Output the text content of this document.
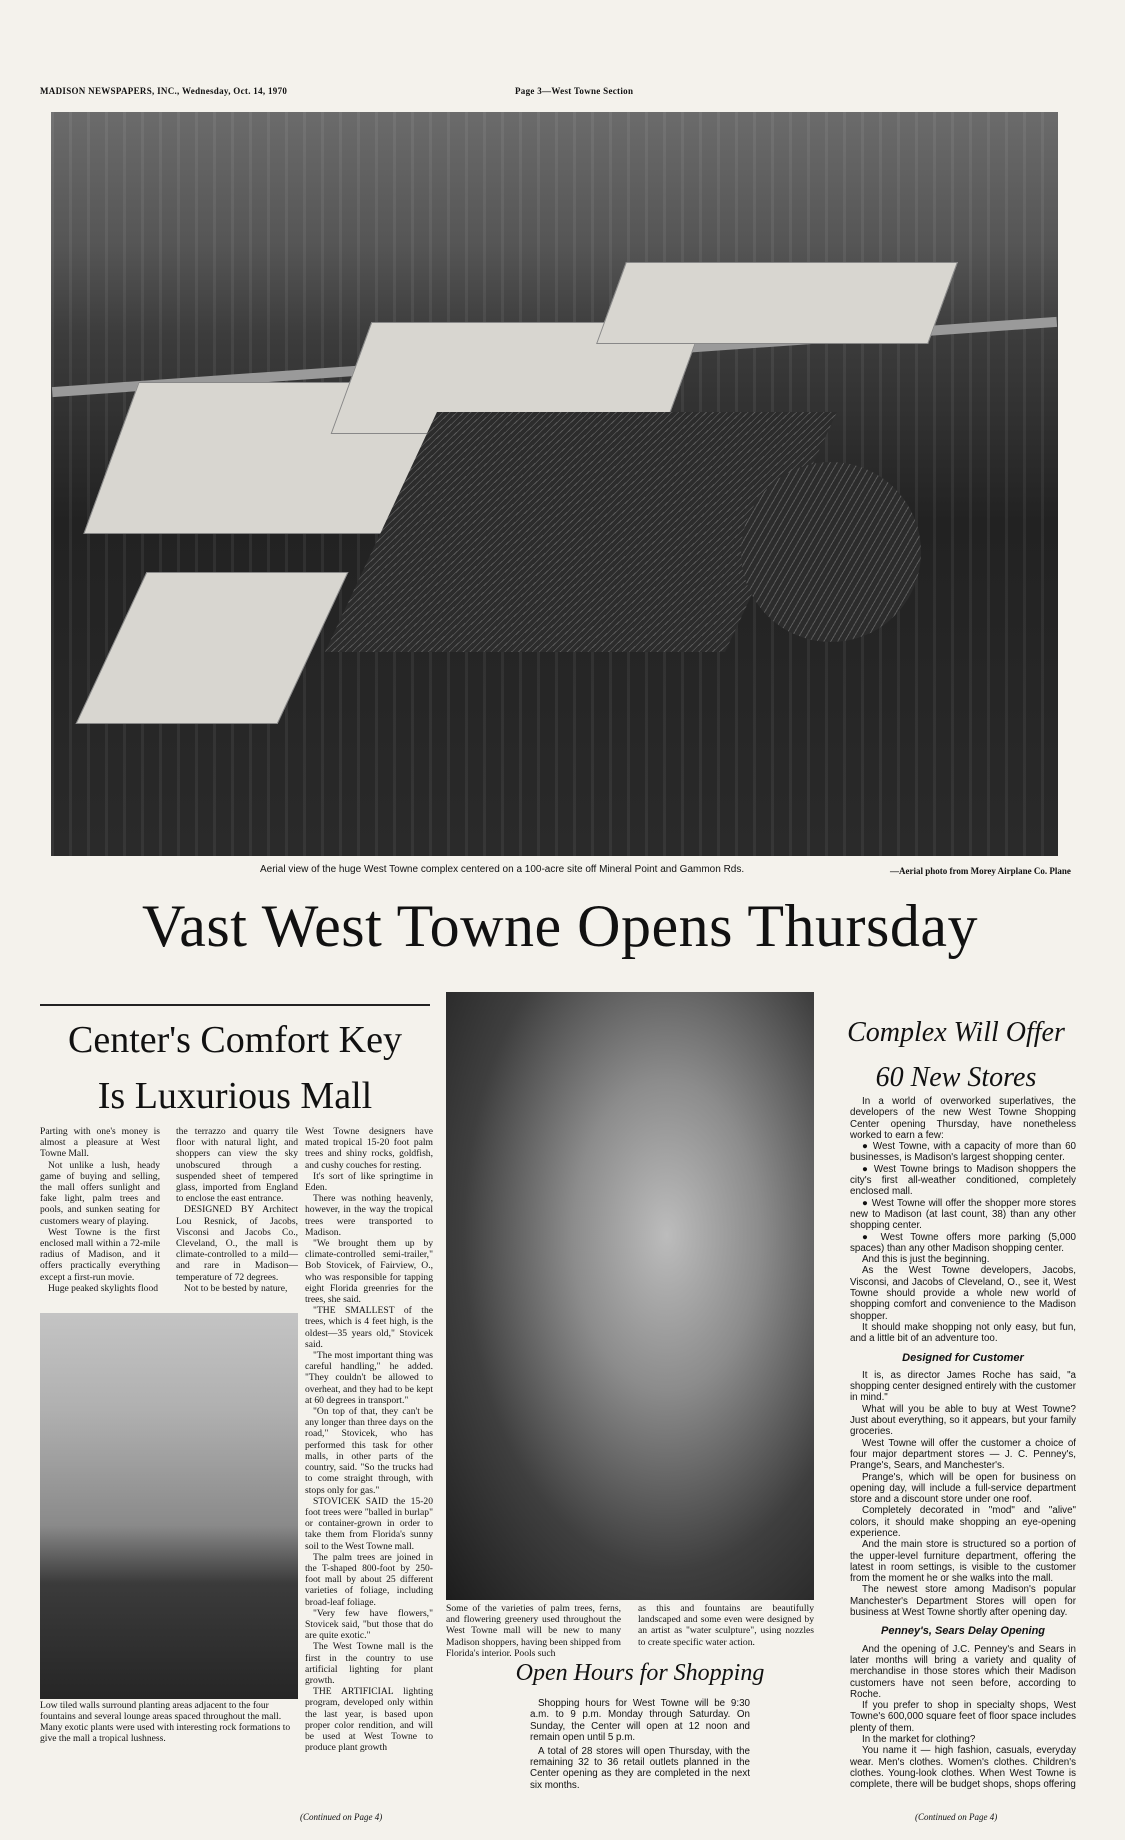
MADISON NEWSPAPERS, INC., Wednesday, Oct. 14, 1970	Page 3—West Towne Section
Aerial view of the huge West Towne complex centered on a 100-acre site off Mineral Point and Gammon Rds.	—Aerial photo from Morey Airplane Co. Plane
Vast West Towne Opens Thursday
Center's Comfort Key
Is Luxurious Mall

Parting with one's money is almost a pleasure at West Towne Mall.

Not unlike a lush, heady game of buying and selling, the mall offers sunlight and fake light, palm trees and pools, and sunken seating for customers weary of playing.

West Towne is the first enclosed mall within a 72-mile radius of Madison, and it offers practically everything except a first-run movie.

Huge peaked skylights flood

the terrazzo and quarry tile floor with natural light, and shoppers can view the sky unobscured through a suspended sheet of tempered glass, imported from England to enclose the east entrance.

DESIGNED BY Architect Lou Resnick, of Jacobs, Visconsi and Jacobs Co., Cleveland, O., the mall is climate-controlled to a mild—and rare in Madison—temperature of 72 degrees.

Not to be bested by nature,

West Towne designers have mated tropical 15-20 foot palm trees and shiny rocks, goldfish, and cushy couches for resting.

It's sort of like springtime in Eden.

There was nothing heavenly, however, in the way the tropical trees were transported to Madison.

"We brought them up by climate-controlled semi-trailer," Bob Stovicek, of Fairview, O., who was responsible for tapping eight Florida greenries for the trees, she said.

"THE SMALLEST of the trees, which is 4 feet high, is the oldest—35 years old," Stovicek said.

"The most important thing was careful handling," he added. "They couldn't be allowed to overheat, and they had to be kept at 60 degrees in transport."

"On top of that, they can't be any longer than three days on the road," Stovicek, who has performed this task for other malls, in other parts of the country, said. "So the trucks had to come straight through, with stops only for gas."

STOVICEK SAID the 15-20 foot trees were "balled in burlap" or container-grown in order to take them from Florida's sunny soil to the West Towne mall.

The palm trees are joined in the T-shaped 800-foot by 250-foot mall by about 25 different varieties of foliage, including broad-leaf foliage.

"Very few have flowers," Stovicek said, "but those that do are quite exotic."

The West Towne mall is the first in the country to use artificial lighting for plant growth.

THE ARTIFICIAL lighting program, developed only within the last year, is based upon proper color rendition, and will be used at West Towne to produce plant growth

Low tiled walls surround planting areas adjacent to the four fountains and several lounge areas spaced throughout the mall. Many exotic plants were used with interesting rock formations to give the mall a tropical lushness.
(Continued on Page 4)
Some of the varieties of palm trees, ferns, and flowering greenery used throughout the West Towne mall will be new to many Madison shoppers, having been shipped from Florida's interior. Pools such
as this and fountains are beautifully landscaped and some even were designed by an artist as "water sculpture", using nozzles to create specific water action.
Open Hours for Shopping

Shopping hours for West Towne will be 9:30 a.m. to 9 p.m. Monday through Saturday. On Sunday, the Center will open at 12 noon and remain open until 5 p.m.

A total of 28 stores will open Thursday, with the remaining 32 to 36 retail outlets planned in the Center opening as they are completed in the next six months.

Complex Will Offer
60 New Stores

In a world of overworked superlatives, the developers of the new West Towne Shopping Center opening Thursday, have nonetheless worked to earn a few:

● West Towne, with a capacity of more than 60 businesses, is Madison's largest shopping center.

● West Towne brings to Madison shoppers the city's first all-weather conditioned, completely enclosed mall.

● West Towne will offer the shopper more stores new to Madison (at last count, 38) than any other shopping center.

● West Towne offers more parking (5,000 spaces) than any other Madison shopping center.

And this is just the beginning.

As the West Towne developers, Jacobs, Visconsi, and Jacobs of Cleveland, O., see it, West Towne should provide a whole new world of shopping comfort and convenience to the Madison shopper.

It should make shopping not only easy, but fun, and a little bit of an adventure too.

Designed for Customer

It is, as director James Roche has said, "a shopping center designed entirely with the customer in mind."

What will you be able to buy at West Towne? Just about everything, so it appears, but your family groceries.

West Towne will offer the customer a choice of four major department stores — J. C. Penney's, Prange's, Sears, and Manchester's.

Prange's, which will be open for business on opening day, will include a full-service department store and a discount store under one roof.

Completely decorated in "mod" and "alive" colors, it should make shopping an eye-opening experience.

And the main store is structured so a portion of the upper-level furniture department, offering the latest in room settings, is visible to the customer from the moment he or she walks into the mall.

The newest store among Madison's popular Manchester's Department Stores will open for business at West Towne shortly after opening day.

Penney's, Sears Delay Opening

And the opening of J.C. Penney's and Sears in later months will bring a variety and quality of merchandise in those stores which their Madison customers have not seen before, according to Roche.

If you prefer to shop in specialty shops, West Towne's 600,000 square feet of floor space includes plenty of them.

In the market for clothing?

You name it — high fashion, casuals, everyday wear. Men's clothes. Women's clothes. Children's clothes. Young-look clothes. When West Towne is complete, there will be budget shops, shops offering

(Continued on Page 4)
